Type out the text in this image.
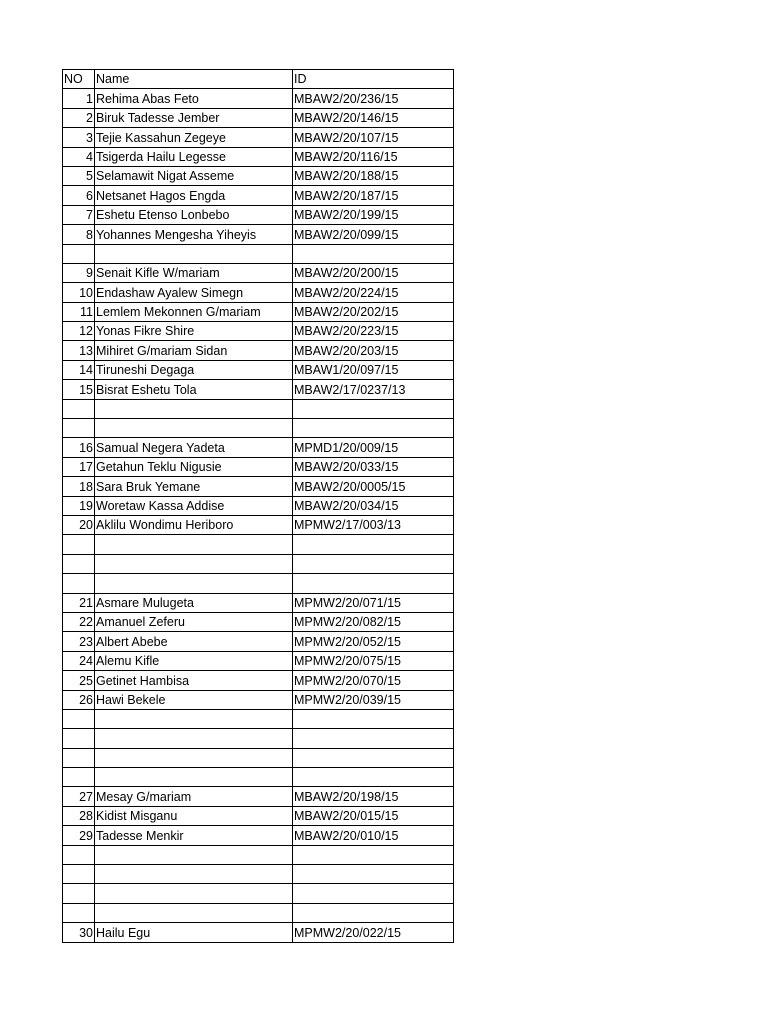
NO	Name	ID
1	Rehima Abas Feto	MBAW2/20/236/15
2	Biruk Tadesse Jember	MBAW2/20/146/15
3	Tejie Kassahun Zegeye	MBAW2/20/107/15
4	Tsigerda Hailu Legesse	MBAW2/20/116/15
5	Selamawit Nigat Asseme	MBAW2/20/188/15
6	Netsanet Hagos Engda	MBAW2/20/187/15
7	Eshetu Etenso Lonbebo	MBAW2/20/199/15
8	Yohannes Mengesha Yiheyis	MBAW2/20/099/15

9	Senait Kifle W/mariam	MBAW2/20/200/15
10	Endashaw Ayalew Simegn	MBAW2/20/224/15
11	Lemlem Mekonnen G/mariam	MBAW2/20/202/15
12	Yonas Fikre Shire	MBAW2/20/223/15
13	Mihiret G/mariam Sidan	MBAW2/20/203/15
14	Tiruneshi Degaga	MBAW1/20/097/15
15	Bisrat Eshetu Tola	MBAW2/17/0237/13

16	Samual Negera Yadeta	MPMD1/20/009/15
17	Getahun Teklu Nigusie	MBAW2/20/033/15
18	Sara Bruk Yemane	MBAW2/20/0005/15
19	Woretaw Kassa Addise	MBAW2/20/034/15
20	Aklilu Wondimu Heriboro	MPMW2/17/003/13

21	Asmare Mulugeta	MPMW2/20/071/15
22	Amanuel Zeferu	MPMW2/20/082/15
23	Albert Abebe	MPMW2/20/052/15
24	Alemu Kifle	MPMW2/20/075/15
25	Getinet Hambisa	MPMW2/20/070/15
26	Hawi Bekele	MPMW2/20/039/15

27	Mesay G/mariam	MBAW2/20/198/15
28	Kidist Misganu	MBAW2/20/015/15
29	Tadesse Menkir	MBAW2/20/010/15

30	Hailu Egu	MPMW2/20/022/15
